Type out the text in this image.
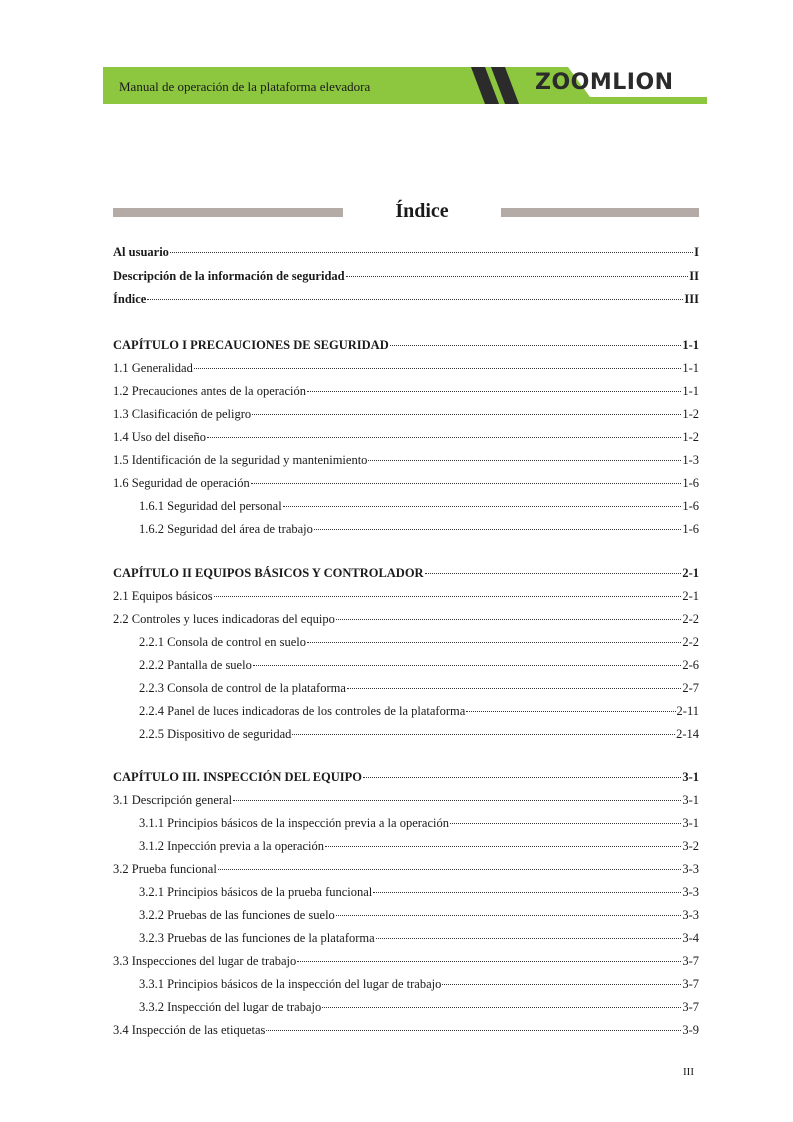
Manual de operación de la plataforma elevadora	ZOOMLION
Índice
Al usuario	I
Descripción de la información de seguridad	II
Índice	III
CAPÍTULO I PRECAUCIONES DE SEGURIDAD	1-1
1.1 Generalidad	1-1
1.2 Precauciones antes de la operación	1-1
1.3 Clasificación de peligro	1-2
1.4 Uso del diseño	1-2
1.5 Identificación de la seguridad y mantenimiento	1-3
1.6 Seguridad de operación	1-6
1.6.1 Seguridad del personal	1-6
1.6.2 Seguridad del área de trabajo	1-6
CAPÍTULO II EQUIPOS BÁSICOS Y CONTROLADOR	2-1
2.1 Equipos básicos	2-1
2.2 Controles y luces indicadoras del equipo	2-2
2.2.1 Consola de control en suelo	2-2
2.2.2 Pantalla de suelo	2-6
2.2.3 Consola de control de la plataforma	2-7
2.2.4 Panel de luces indicadoras de los controles de la plataforma	2-11
2.2.5 Dispositivo de seguridad	2-14
CAPÍTULO III. INSPECCIÓN DEL EQUIPO	3-1
3.1 Descripción general	3-1
3.1.1 Principios básicos de la inspección previa a la operación	3-1
3.1.2 Inpección previa a la operación	3-2
3.2 Prueba funcional	3-3
3.2.1 Principios básicos de la prueba funcional	3-3
3.2.2 Pruebas de las funciones de suelo	3-3
3.2.3 Pruebas de las funciones de la plataforma	3-4
3.3 Inspecciones del lugar de trabajo	3-7
3.3.1 Principios básicos de la inspección del lugar de trabajo	3-7
3.3.2 Inspección del lugar de trabajo	3-7
3.4 Inspección de las etiquetas	3-9
III
